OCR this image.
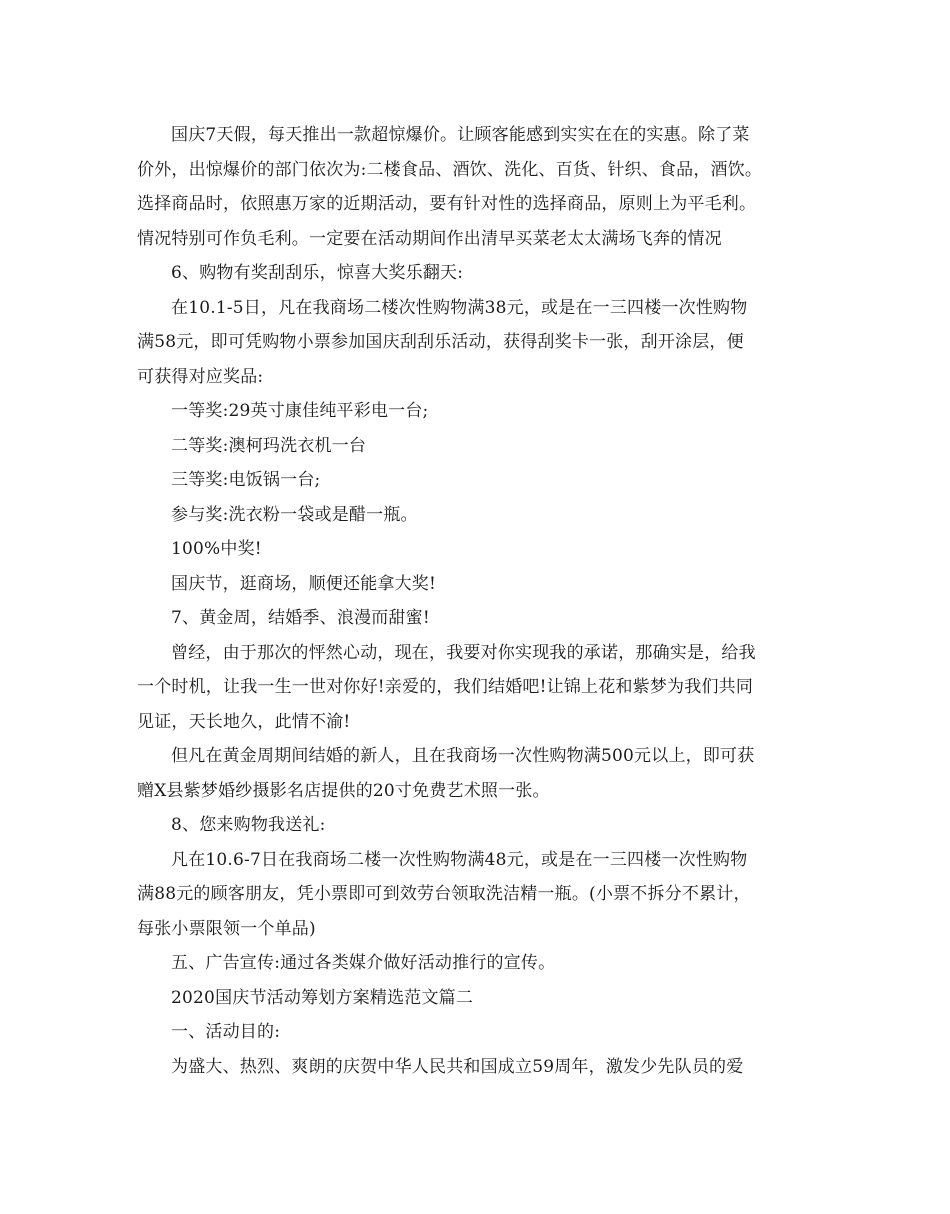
国庆7天假，每天推出一款超惊爆价。让顾客能感到实实在在的实惠。除了菜
价外，出惊爆价的部门依次为:二楼食品、酒饮、洗化、百货、针织、食品，酒饮。
选择商品时，依照惠万家的近期活动，要有针对性的选择商品，原则上为平毛利。
情况特别可作负毛利。一定要在活动期间作出清早买菜老太太满场飞奔的情况
6、购物有奖刮刮乐，惊喜大奖乐翻天:
在10.1-5日，凡在我商场二楼次性购物满38元，或是在一三四楼一次性购物
满58元，即可凭购物小票参加国庆刮刮乐活动，获得刮奖卡一张，刮开涂层，便
可获得对应奖品:
一等奖:29英寸康佳纯平彩电一台;
二等奖:澳柯玛洗衣机一台
三等奖:电饭锅一台;
参与奖:洗衣粉一袋或是醋一瓶。
100%中奖!
国庆节，逛商场，顺便还能拿大奖!
7、黄金周，结婚季、浪漫而甜蜜!
曾经，由于那次的怦然心动，现在，我要对你实现我的承诺，那确实是，给我
一个时机，让我一生一世对你好!亲爱的，我们结婚吧!让锦上花和紫梦为我们共同
见证，天长地久，此情不渝!
但凡在黄金周期间结婚的新人，且在我商场一次性购物满500元以上，即可获
赠X县紫梦婚纱摄影名店提供的20寸免费艺术照一张。
8、您来购物我送礼:
凡在10.6-7日在我商场二楼一次性购物满48元，或是在一三四楼一次性购物
满88元的顾客朋友，凭小票即可到效劳台领取洗洁精一瓶。(小票不拆分不累计，
每张小票限领一个单品)
五、广告宣传:通过各类媒介做好活动推行的宣传。
2020国庆节活动筹划方案精选范文篇二
一、活动目的:
为盛大、热烈、爽朗的庆贺中华人民共和国成立59周年，激发少先队员的爱
